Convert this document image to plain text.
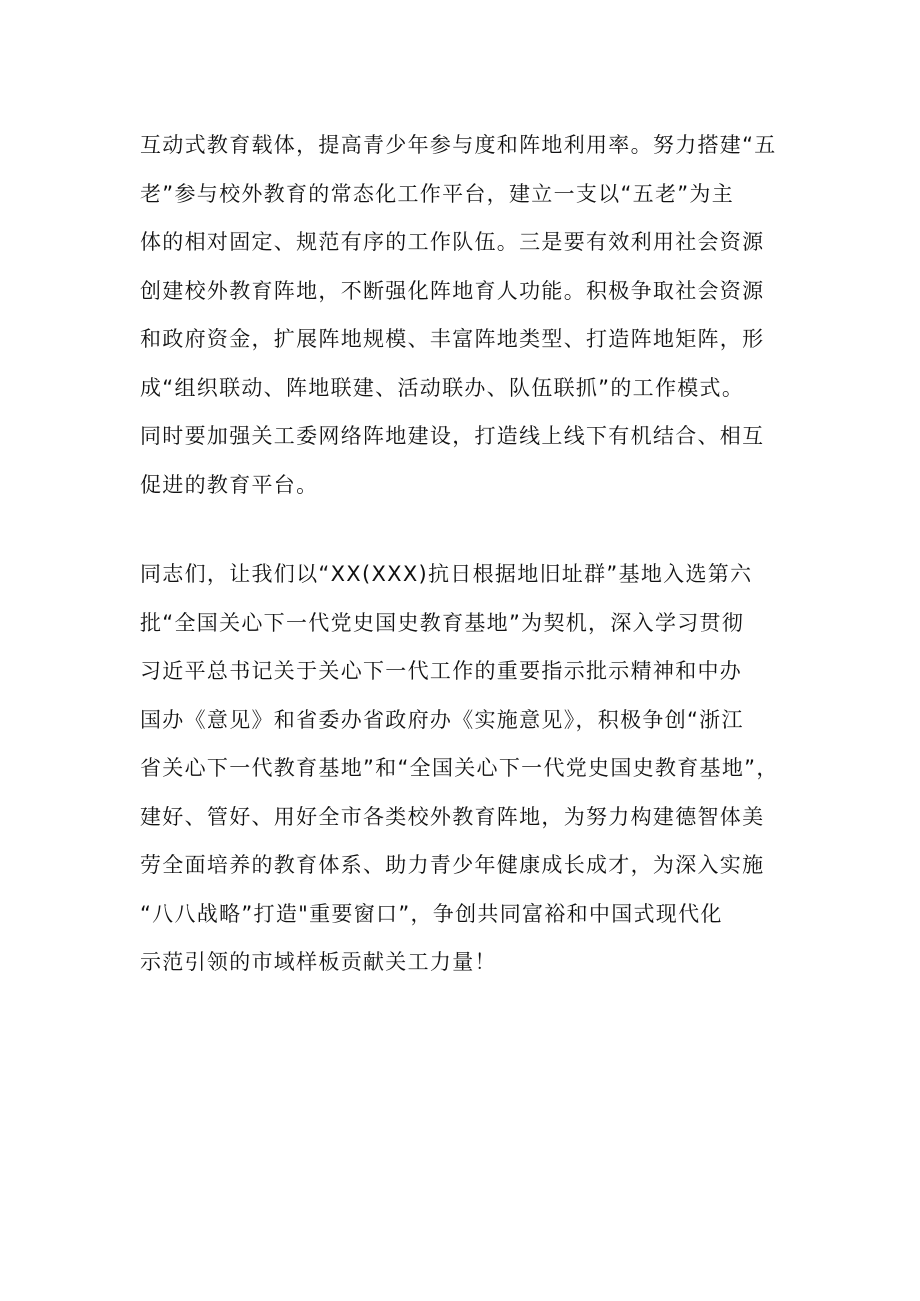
互动式教育载体，提高青少年参与度和阵地利用率。努力搭建“五
老”参与校外教育的常态化工作平台，建立一支以“五老”为主
体的相对固定、规范有序的工作队伍。三是要有效利用社会资源
创建校外教育阵地，不断强化阵地育人功能。积极争取社会资源
和政府资金，扩展阵地规模、丰富阵地类型、打造阵地矩阵，形
成“组织联动、阵地联建、活动联办、队伍联抓”的工作模式。
同时要加强关工委网络阵地建设，打造线上线下有机结合、相互
促进的教育平台。
同志们，让我们以“XX(XXX)抗日根据地旧址群”基地入选第六
批“全国关心下一代党史国史教育基地”为契机，深入学习贯彻
习近平总书记关于关心下一代工作的重要指示批示精神和中办
国办《意见》和省委办省政府办《实施意见》，积极争创“浙江
省关心下一代教育基地”和“全国关心下一代党史国史教育基地”，
建好、管好、用好全市各类校外教育阵地，为努力构建德智体美
劳全面培养的教育体系、助力青少年健康成长成才，为深入实施
“八八战略”打造"重要窗口”，争创共同富裕和中国式现代化
示范引领的市域样板贡献关工力量！
